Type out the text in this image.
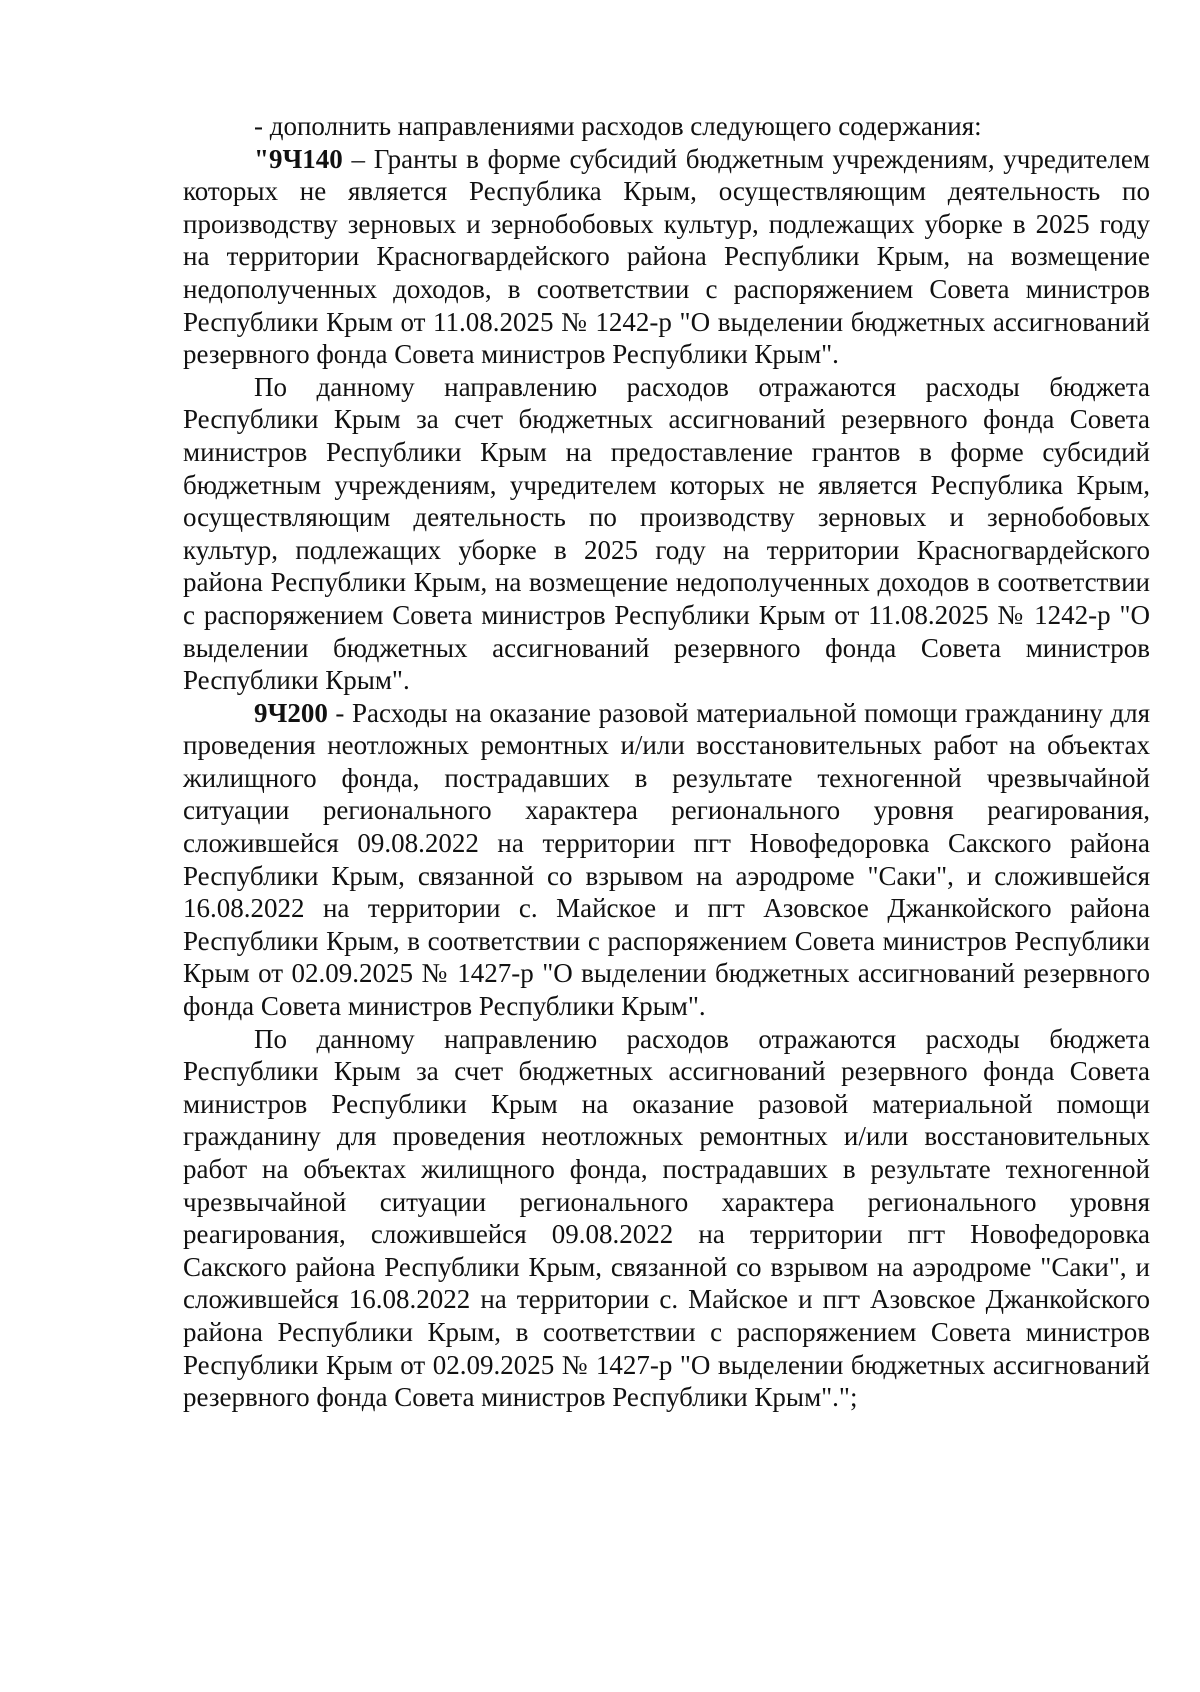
- дополнить направлениями расходов следующего содержания:

"9Ч140 – Гранты в форме субсидий бюджетным учреждениям, учредителем которых не является Республика Крым, осуществляющим деятельность по производству зерновых и зернобобовых культур, подлежащих уборке в 2025 году на территории Красногвардейского района Республики Крым, на возмещение недополученных доходов, в соответствии с распоряжением Совета министров Республики Крым от 11.08.2025 № 1242-р "О выделении бюджетных ассигнований резервного фонда Совета министров Республики Крым".

По данному направлению расходов отражаются расходы бюджета Республики Крым за счет бюджетных ассигнований резервного фонда Совета министров Республики Крым на предоставление грантов в форме субсидий бюджетным учреждениям, учредителем которых не является Республика Крым, осуществляющим деятельность по производству зерновых и зернобобовых культур, подлежащих уборке в 2025 году на территории Красногвардейского района Республики Крым, на возмещение недополученных доходов в соответствии с распоряжением Совета министров Республики Крым от 11.08.2025 № 1242-р "О выделении бюджетных ассигнований резервного фонда Совета министров Республики Крым".

9Ч200 - Расходы на оказание разовой материальной помощи гражданину для проведения неотложных ремонтных и/или восстановительных работ на объектах жилищного фонда, пострадавших в результате техногенной чрезвычайной ситуации регионального характера регионального уровня реагирования, сложившейся 09.08.2022 на территории пгт Новофедоровка Сакского района Республики Крым, связанной со взрывом на аэродроме "Саки", и сложившейся 16.08.2022 на территории с. Майское и пгт Азовское Джанкойского района Республики Крым, в соответствии с распоряжением Совета министров Республики Крым от 02.09.2025 № 1427-р "О выделении бюджетных ассигнований резервного фонда Совета министров Республики Крым".

По данному направлению расходов отражаются расходы бюджета Республики Крым за счет бюджетных ассигнований резервного фонда Совета министров Республики Крым на оказание разовой материальной помощи гражданину для проведения неотложных ремонтных и/или восстановительных работ на объектах жилищного фонда, пострадавших в результате техногенной чрезвычайной ситуации регионального характера регионального уровня реагирования, сложившейся 09.08.2022 на территории пгт Новофедоровка Сакского района Республики Крым, связанной со взрывом на аэродроме "Саки", и сложившейся 16.08.2022 на территории с. Майское и пгт Азовское Джанкойского района Республики Крым, в соответствии с распоряжением Совета министров Республики Крым от 02.09.2025 № 1427-р "О выделении бюджетных ассигнований резервного фонда Совета министров Республики Крым".";
